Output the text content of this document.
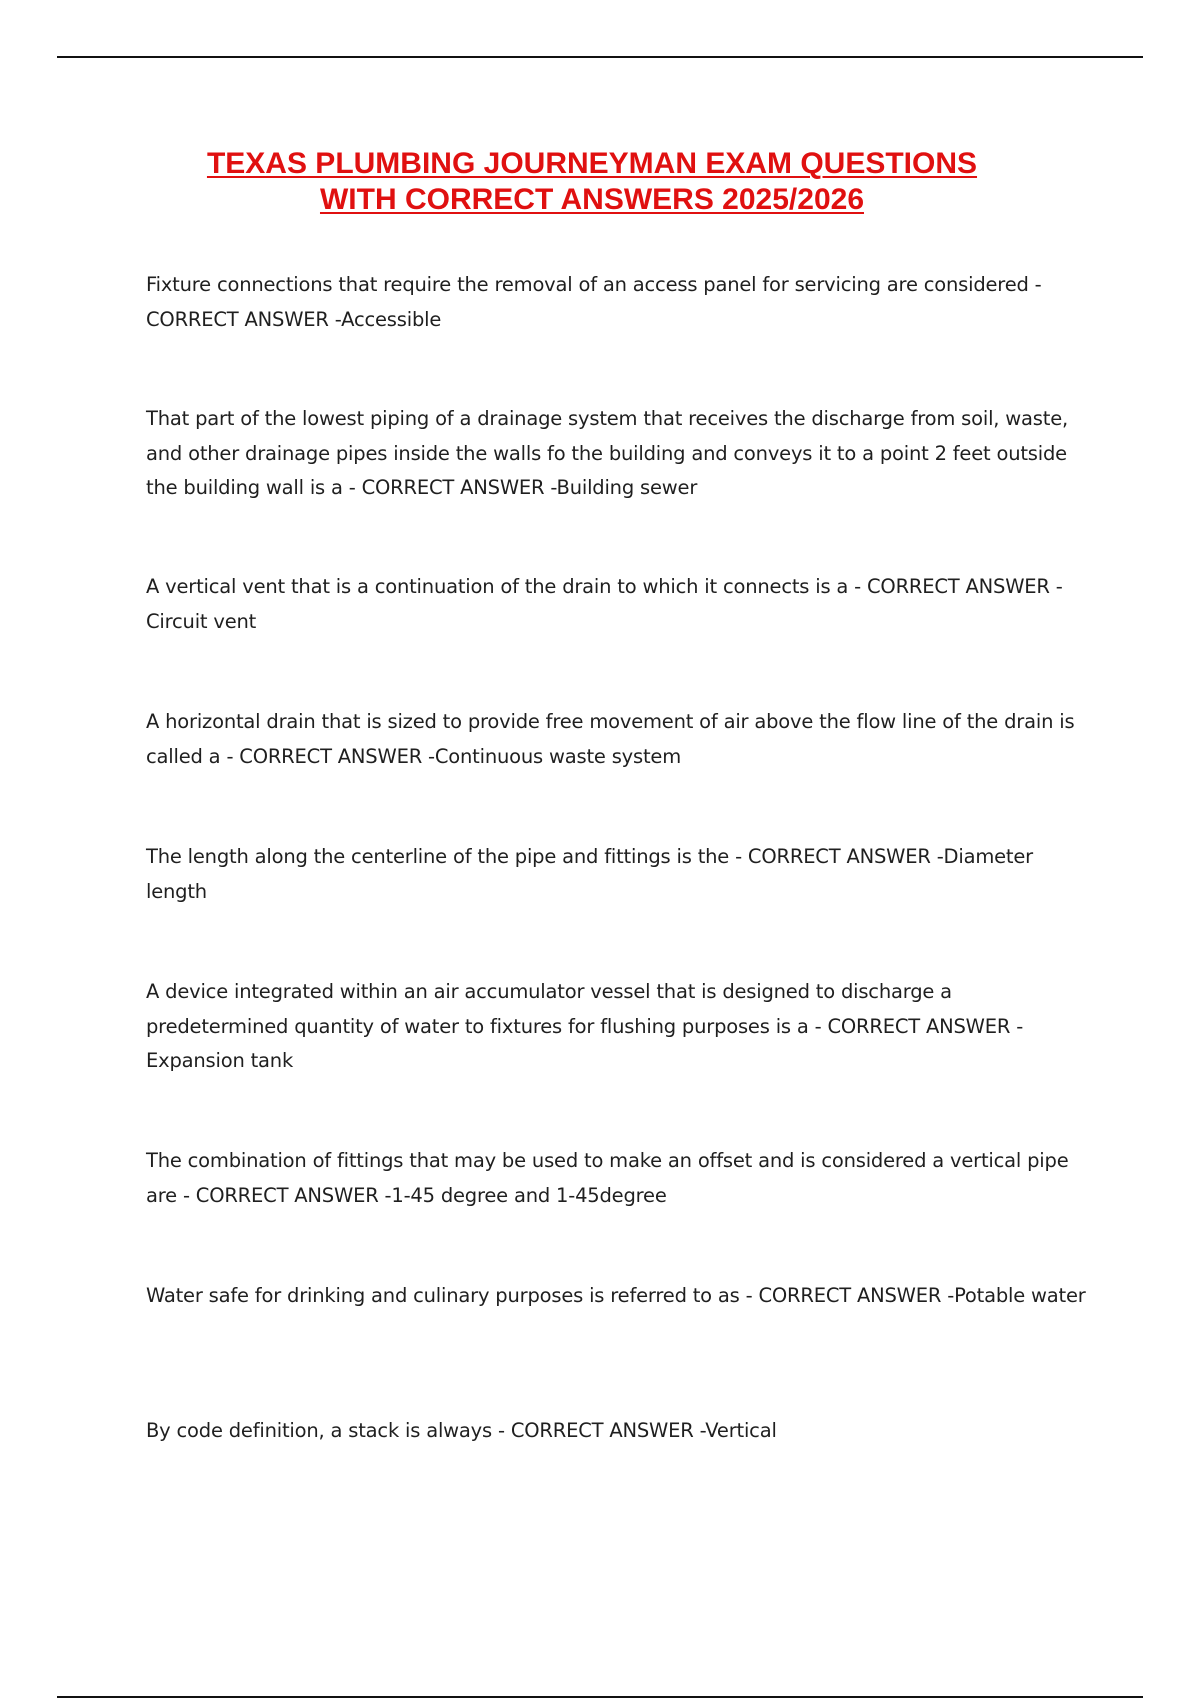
TEXAS PLUMBING JOURNEYMAN EXAM QUESTIONS
WITH CORRECT ANSWERS 2025/2026
Fixture connections that require the removal of an access panel for servicing are considered - CORRECT ANSWER -Accessible
That part of the lowest piping of a drainage system that receives the discharge from soil, waste, and other drainage pipes inside the walls fo the building and conveys it to a point 2 feet outside the building wall is a - CORRECT ANSWER -Building sewer
A vertical vent that is a continuation of the drain to which it connects is a - CORRECT ANSWER -Circuit vent
A horizontal drain that is sized to provide free movement of air above the flow line of the drain is called a - CORRECT ANSWER -Continuous waste system
The length along the centerline of the pipe and fittings is the - CORRECT ANSWER -Diameter length
A device integrated within an air accumulator vessel that is designed to discharge a predetermined quantity of water to fixtures for flushing purposes is a - CORRECT ANSWER -Expansion tank
The combination of fittings that may be used to make an offset and is considered a vertical pipe are - CORRECT ANSWER -1-45 degree and 1-45degree
Water safe for drinking and culinary purposes is referred to as - CORRECT ANSWER -Potable water
By code definition, a stack is always - CORRECT ANSWER -Vertical
